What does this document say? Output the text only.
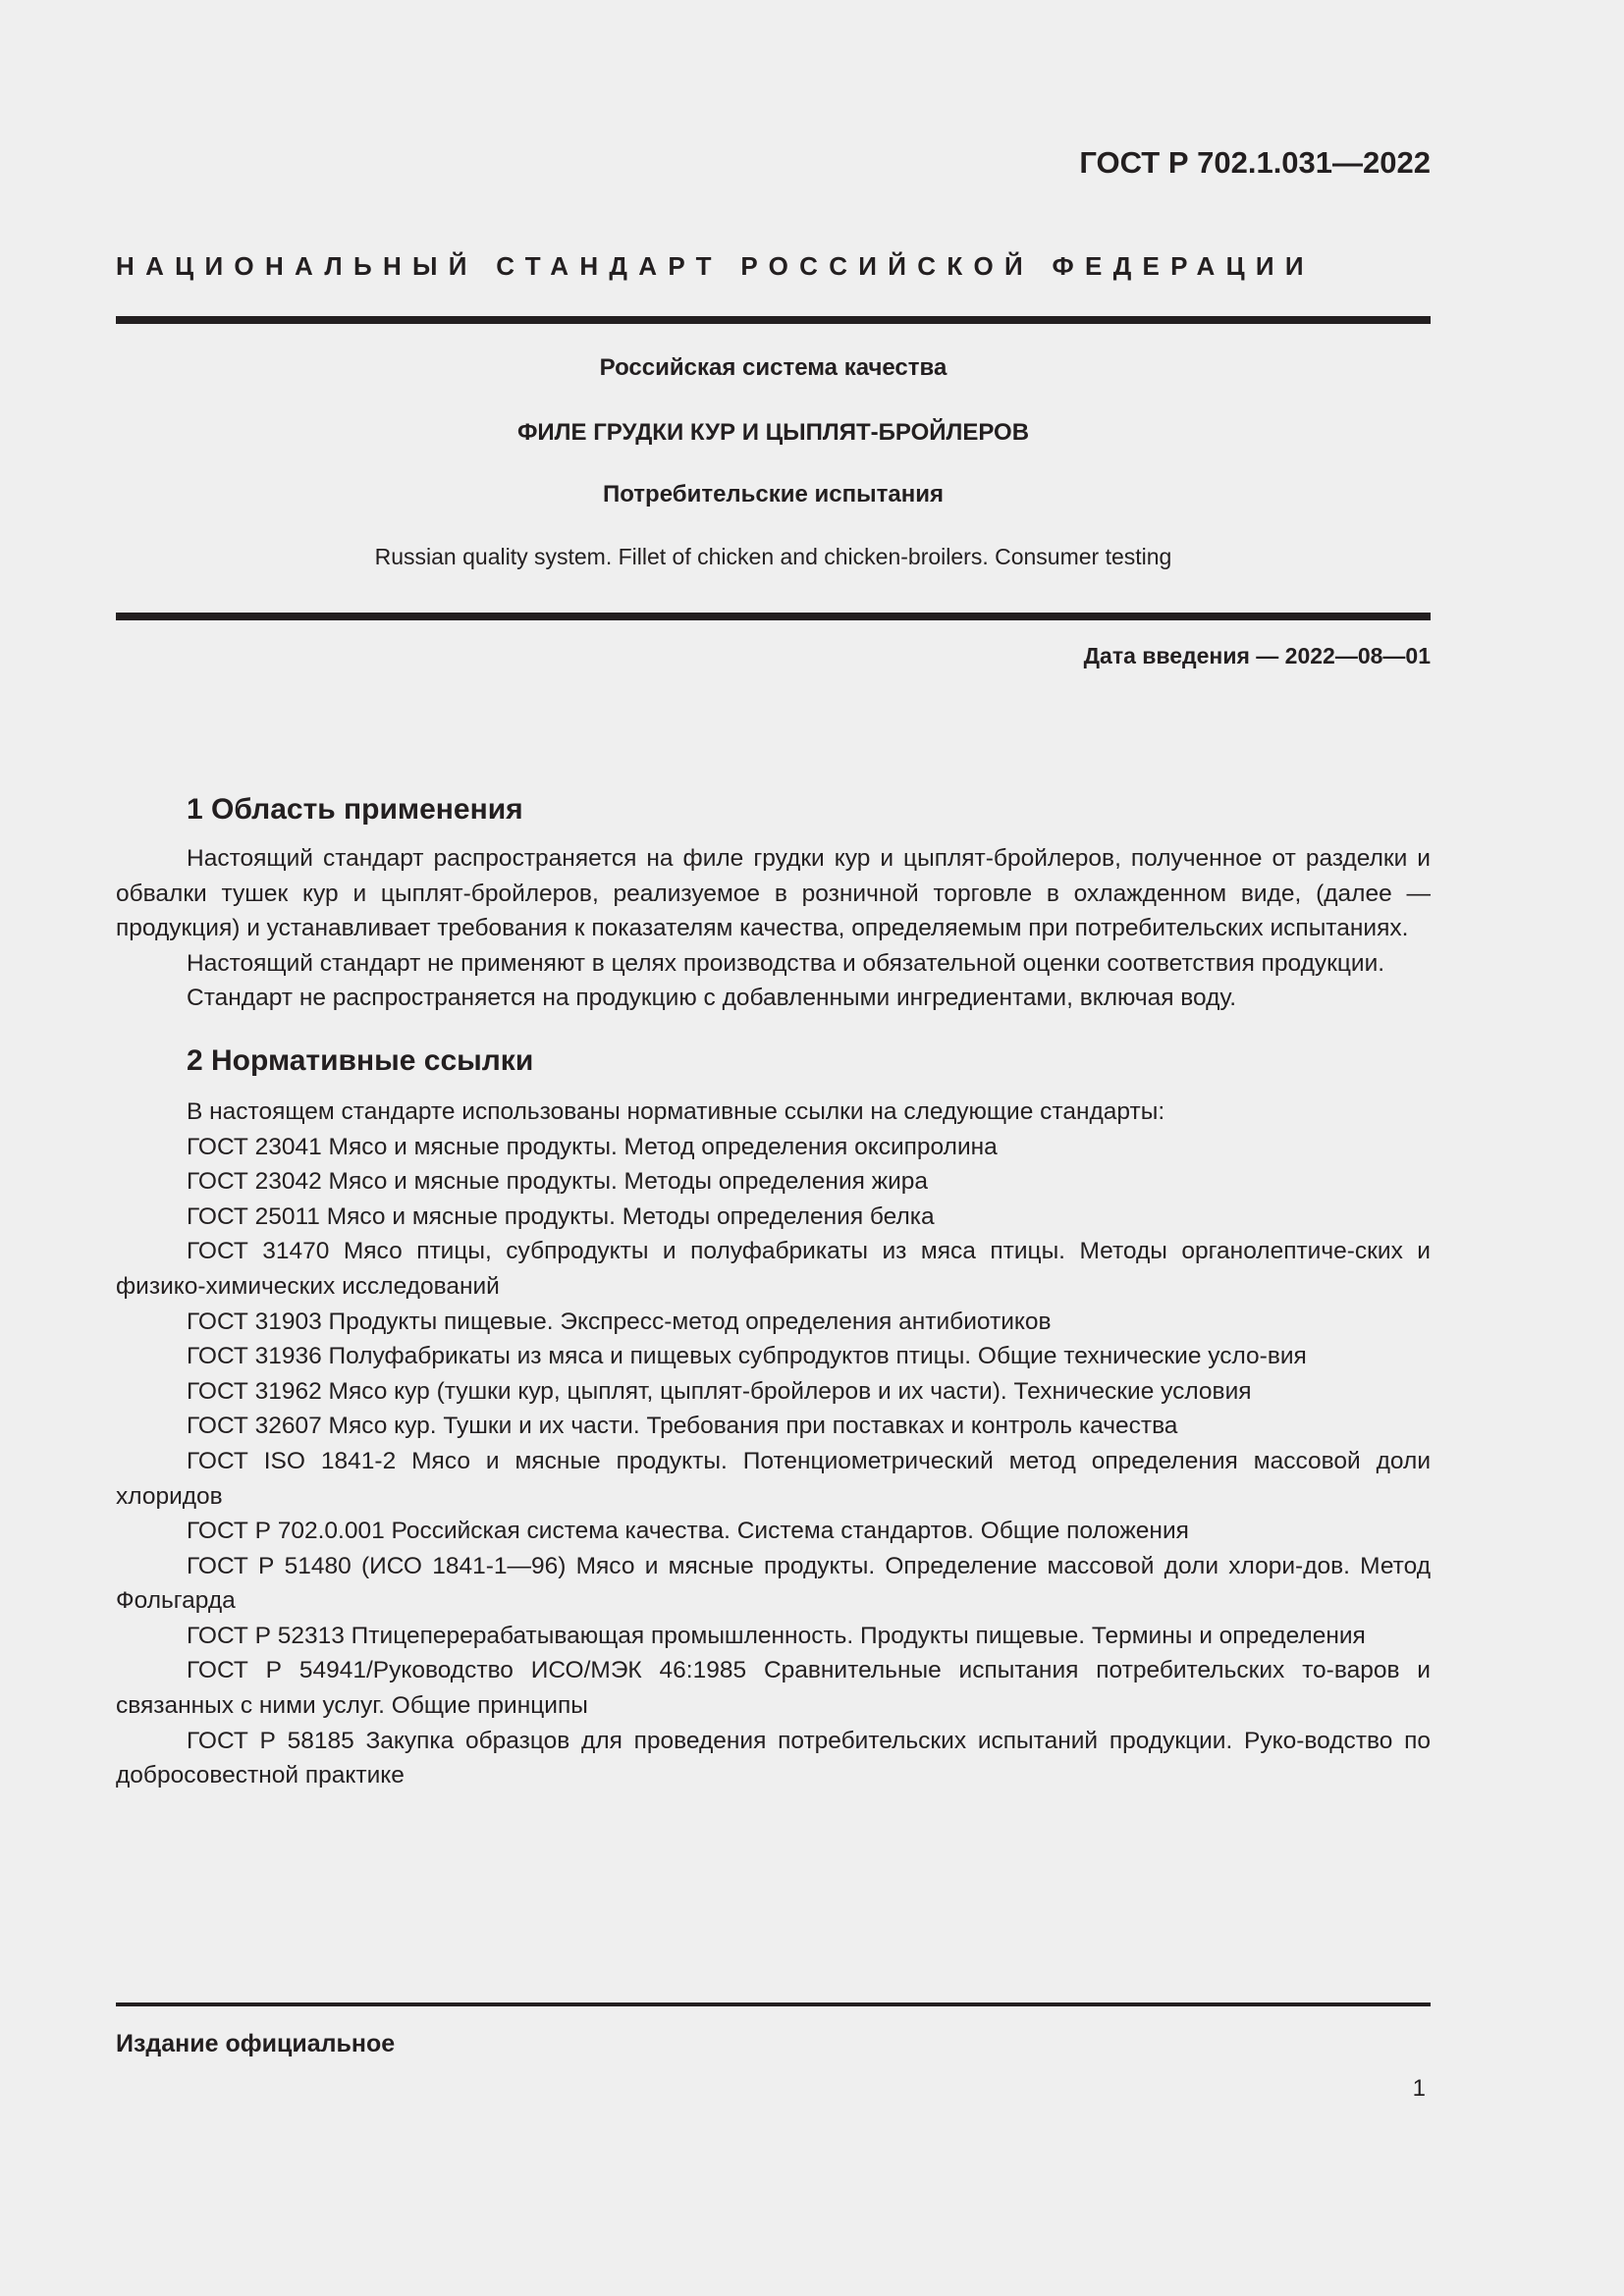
ГОСТ Р 702.1.031—2022
НАЦИОНАЛЬНЫЙ СТАНДАРТ РОССИЙСКОЙ ФЕДЕРАЦИИ
Российская система качества
ФИЛЕ ГРУДКИ КУР И ЦЫПЛЯТ-БРОЙЛЕРОВ
Потребительские испытания
Russian quality system. Fillet of chicken and chicken-broilers. Consumer testing
Дата введения — 2022—08—01
1 Область применения

Настоящий стандарт распространяется на филе грудки кур и цыплят-бройлеров, полученное от разделки и обвалки тушек кур и цыплят-бройлеров, реализуемое в розничной торговле в охлажденном виде, (далее — продукция) и устанавливает требования к показателям качества, определяемым при потребительских испытаниях.

Настоящий стандарт не применяют в целях производства и обязательной оценки соответствия продукции.

Стандарт не распространяется на продукцию с добавленными ингредиентами, включая воду.

2 Нормативные ссылки

В настоящем стандарте использованы нормативные ссылки на следующие стандарты:

ГОСТ 23041 Мясо и мясные продукты. Метод определения оксипролина

ГОСТ 23042 Мясо и мясные продукты. Методы определения жира

ГОСТ 25011 Мясо и мясные продукты. Методы определения белка

ГОСТ 31470 Мясо птицы, субпродукты и полуфабрикаты из мяса птицы. Методы органолептиче-ских и физико-химических исследований

ГОСТ 31903 Продукты пищевые. Экспресс-метод определения антибиотиков

ГОСТ 31936 Полуфабрикаты из мяса и пищевых субпродуктов птицы. Общие технические усло-вия

ГОСТ 31962 Мясо кур (тушки кур, цыплят, цыплят-бройлеров и их части). Технические условия

ГОСТ 32607 Мясо кур. Тушки и их части. Требования при поставках и контроль качества

ГОСТ ISO 1841-2 Мясо и мясные продукты. Потенциометрический метод определения массовой доли хлоридов

ГОСТ Р 702.0.001 Российская система качества. Система стандартов. Общие положения

ГОСТ Р 51480 (ИСО 1841-1—96) Мясо и мясные продукты. Определение массовой доли хлори-дов. Метод Фольгарда

ГОСТ Р 52313 Птицеперерабатывающая промышленность. Продукты пищевые. Термины и определения

ГОСТ Р 54941/Руководство ИСО/МЭК 46:1985 Сравнительные испытания потребительских то-варов и связанных с ними услуг. Общие принципы

ГОСТ Р 58185 Закупка образцов для проведения потребительских испытаний продукции. Руко-водство по добросовестной практике

Издание официальное
1
